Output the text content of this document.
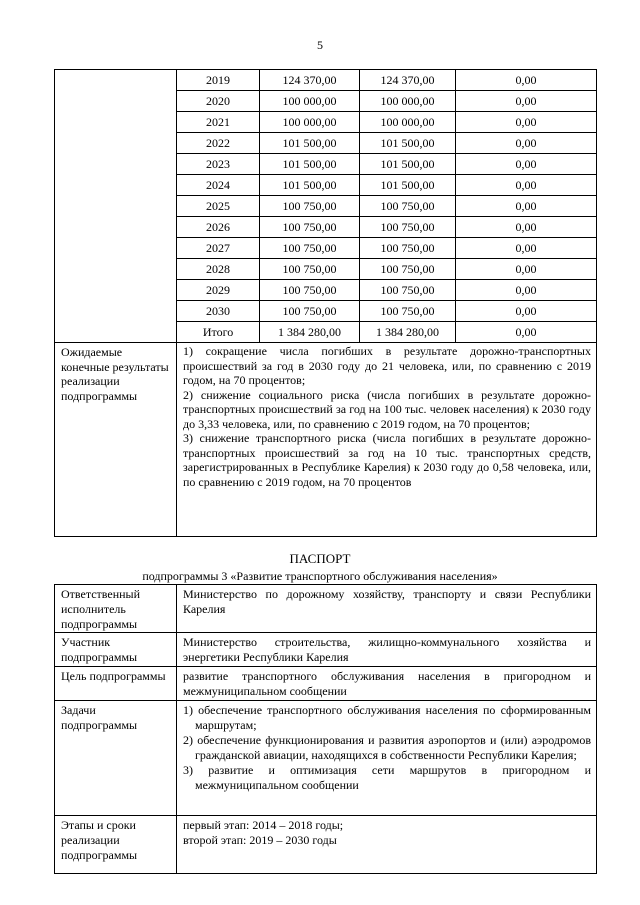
5
	2019	124 370,00	124 370,00	0,00
	2020	100 000,00	100 000,00	0,00
	2021	100 000,00	100 000,00	0,00
	2022	101 500,00	101 500,00	0,00
	2023	101 500,00	101 500,00	0,00
	2024	101 500,00	101 500,00	0,00
	2025	100 750,00	100 750,00	0,00
	2026	100 750,00	100 750,00	0,00
	2027	100 750,00	100 750,00	0,00
	2028	100 750,00	100 750,00	0,00
	2029	100 750,00	100 750,00	0,00
	2030	100 750,00	100 750,00	0,00
	Итого	1 384 280,00	1 384 280,00	0,00
Ожидаемые конечные результаты реализации подпрограммы	1) сокращение числа погибших в результате дорожно-транспортных происшествий за год в 2030 году до 21 человека, или, по сравнению с 2019 годом, на 70 процентов;

2) снижение социального риска (числа погибших в результате дорожно-транспортных происшествий за год на 100 тыс. человек населения) к 2030 году до 3,33 человека, или, по сравнению с 2019 годом, на 70 процентов;

3) снижение транспортного риска (числа погибших в результате дорожно-транспортных происшествий за год на 10 тыс. транспортных средств, зарегистрированных в Республике Карелия) к 2030 году до 0,58 человека, или, по сравнению с 2019 годом, на 70 процентов			

ПАСПОРТ
подпрограммы 3 «Развитие транспортного обслуживания населения»
Ответственный исполнитель подпрограммы	Министерство по дорожному хозяйству, транспорту и связи Республики Карелия
Участник подпрограммы	Министерство строительства, жилищно-коммунального хозяйства и энергетики Республики Карелия
Цель подпрограммы	развитие транспортного обслуживания населения в пригородном и межмуниципальном сообщении
Задачи подпрограммы	1) обеспечение транспортного обслуживания населения по сформированным маршрутам;

2) обеспечение функционирования и развития аэропортов и (или) аэродромов гражданской авиации, находящихся в собственности Республики Карелия;

3) развитие и оптимизация сети маршрутов в пригородном и межмуниципальном сообщении

Этапы и сроки реализации подпрограммы	первый этап: 2014 – 2018 годы;

второй этап: 2019 – 2030 годы
